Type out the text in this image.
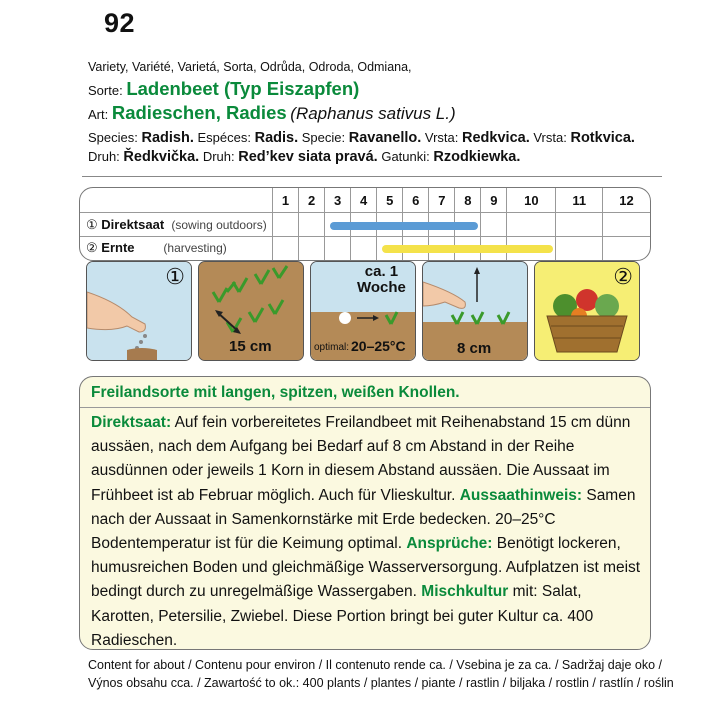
92
Variety, Variété, Varietá, Sorta, Odrůda, Odroda, Odmiana,
Sorte: Ladenbeet (Typ Eiszapfen)
Art: Radieschen, Radies (Raphanus sativus L.)
Species: Radish. Espéces: Radis. Specie: Ravanello. Vrsta: Redkvica. Vrsta: Rotkvica.
Druh: Ředkvička. Druh: Red’kev siata pravá. Gatunki: Rzodkiewka.
	1	2	3	4	5	6	7	8	9	10	11	12
① Direktsaat (sowing outdoors)												
② Ernte (harvesting)												
①
15 cm
ca. 1
Woche
optimal: 20–25°C	8 cm
②
Freilandsorte mit langen, spitzen, weißen Knollen.
Direktsaat: Auf fein vorbereitetes Freilandbeet mit Reihenabstand 15 cm dünn aussäen, nach dem Aufgang bei Bedarf auf 8 cm Abstand in der Reihe ausdünnen oder jeweils 1 Korn in diesem Abstand aussäen. Die Aussaat im Frühbeet ist ab Februar möglich. Auch für Vlieskultur. Aussaathinweis: Samen nach der Aussaat in Samenkornstärke mit Erde bedecken. 20–25°C Bodentemperatur ist für die Keimung optimal. Ansprüche: Benötigt lockeren, humusreichen Boden und gleichmäßige Wasserversorgung. Aufplatzen ist meist bedingt durch zu unregelmäßige Wassergaben. Mischkultur mit: Salat, Karotten, Petersilie, Zwiebel. Diese Portion bringt bei guter Kultur ca. 400 Radieschen.
Content for about / Contenu pour environ / Il contenuto rende ca. / Vsebina je za ca. / Sadržaj daje oko /
Výnos obsahu cca. / Zawartość to ok.: 400 plants / plantes / piante / rastlin / biljaka / rostlin / rastlín / roślin
